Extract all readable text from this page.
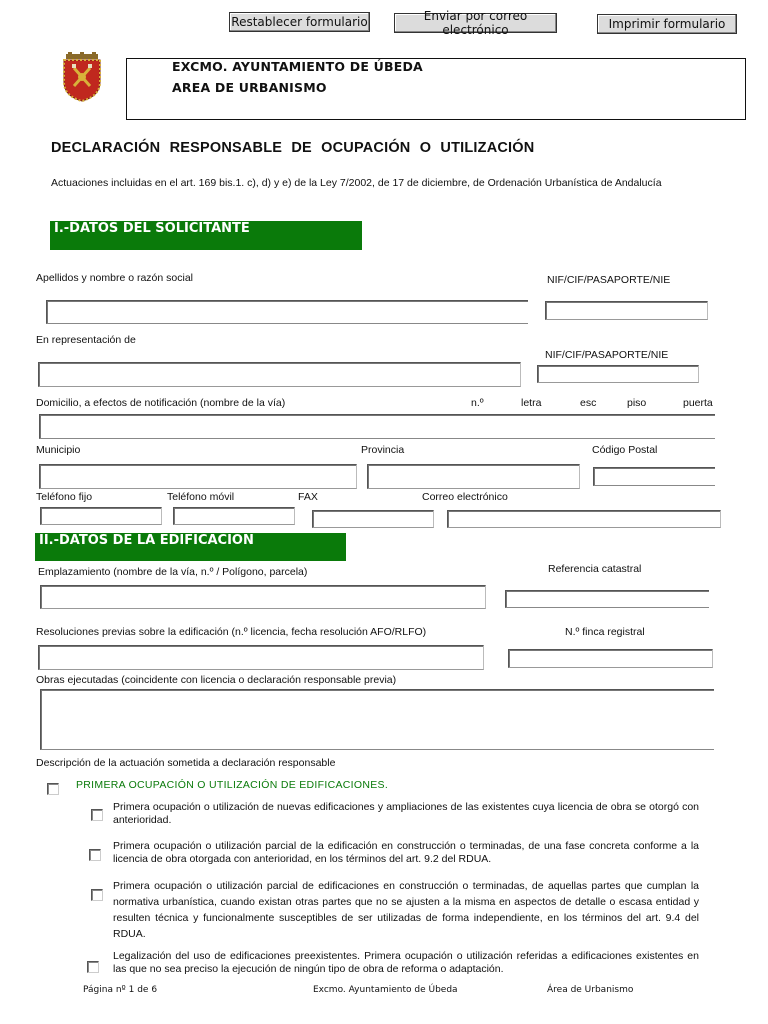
Restablecer formulario	Enviar por correo electrónico	Imprimir formulario
EXCMO. AYUNTAMIENTO DE ÚBEDA
AREA DE URBANISMO
DECLARACIÓN RESPONSABLE DE OCUPACIÓN O UTILIZACIÓN
Actuaciones incluidas en el art. 169 bis.1. c), d) y e) de la Ley 7/2002, de 17 de diciembre, de Ordenación Urbanística de Andalucía
I.-DATOS DEL SOLICITANTE
Apellidos y nombre o razón social	NIF/CIF/PASAPORTE/NIE
En representación de
NIF/CIF/PASAPORTE/NIE
Domicilio, a efectos de notificación (nombre de la vía)	n.º	letra	esc	piso	puerta
Municipio	Provincia	Código Postal
Teléfono fijo	Teléfono móvil	FAX	Correo electrónico
II.-DATOS DE LA EDIFICACIÓN
Emplazamiento (nombre de la vía, n.º / Polígono, parcela)	Referencia catastral
Resoluciones previas sobre la edificación (n.º licencia, fecha resolución AFO/RLFO)	N.º finca registral
Obras ejecutadas (coincidente con licencia o declaración responsable previa)
Descripción de la actuación sometida a declaración responsable
PRIMERA OCUPACIÓN O UTILIZACIÓN DE EDIFICACIONES.
Primera ocupación o utilización de nuevas edificaciones y ampliaciones de las existentes cuya licencia de obra se otorgó con anterioridad.
Primera ocupación o utilización parcial de la edificación en construcción o terminadas, de una fase concreta conforme a la licencia de obra otorgada con anterioridad, en los términos del art. 9.2 del RDUA.
Primera ocupación o utilización parcial de edificaciones en construcción o terminadas, de aquellas partes que cumplan la normativa urbanística, cuando existan otras partes que no se ajusten a la misma en aspectos de detalle o escasa entidad y resulten técnica y funcionalmente susceptibles de ser utilizadas de forma independiente, en los términos del art. 9.4 del RDUA.
Legalización del uso de edificaciones preexistentes. Primera ocupación o utilización referidas a edificaciones existentes en las que no sea preciso la ejecución de ningún tipo de obra de reforma o adaptación.
Página nº 1 de 6	Excmo. Ayuntamiento de Úbeda	Área de Urbanismo
